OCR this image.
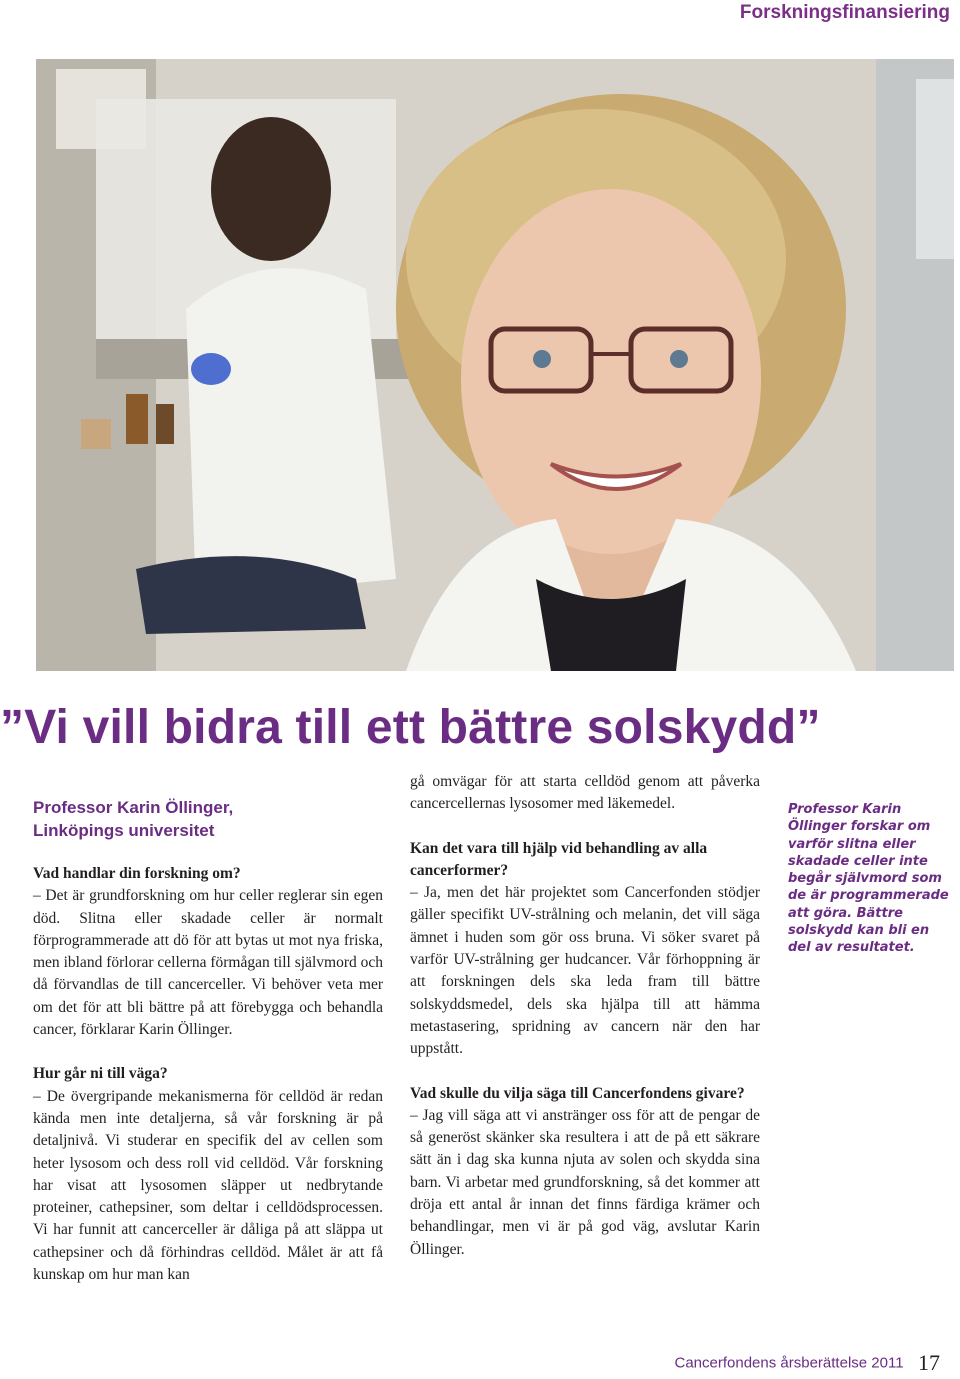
Forskningsfinansiering
”Vi vill bidra till ett bättre solskydd”
Professor Karin Öllinger,
Linköpings universitet

Vad handlar din forskning om?

– Det är grundforskning om hur celler reglerar sin egen död. Slitna eller skadade celler är normalt förprogrammerade att dö för att bytas ut mot nya friska, men ibland förlorar cellerna förmågan till självmord och då förvandlas de till cancerceller. Vi behöver veta mer om det för att bli bättre på att förebygga och behandla cancer, förklarar Karin Öllinger.

Hur går ni till väga?

– De övergripande mekanismerna för celldöd är redan kända men inte detaljerna, så vår forskning är på detaljnivå. Vi studerar en specifik del av cellen som heter lysosom och dess roll vid celldöd. Vår forskning har visat att lysosomen släpper ut nedbrytande proteiner, cathepsiner, som deltar i celldödsprocessen. Vi har funnit att cancerceller är dåliga på att släppa ut cathepsiner och då förhindras celldöd. Målet är att få kunskap om hur man kan

gå omvägar för att starta celldöd genom att påverka cancercellernas lysosomer med läkemedel.

Kan det vara till hjälp vid behandling av alla cancerformer?

– Ja, men det här projektet som Cancerfonden stödjer gäller specifikt UV-strålning och melanin, det vill säga ämnet i huden som gör oss bruna. Vi söker svaret på varför UV-strålning ger hudcancer. Vår förhoppning är att forskningen dels ska leda fram till bättre solskyddsmedel, dels ska hjälpa till att hämma metastasering, spridning av cancern när den har uppstått.

Vad skulle du vilja säga till Cancerfondens givare?

– Jag vill säga att vi anstränger oss för att de pengar de så generöst skänker ska resultera i att de på ett säkrare sätt än i dag ska kunna njuta av solen och skydda sina barn. Vi arbetar med grundforskning, så det kommer att dröja ett antal år innan det finns färdiga krämer och behandlingar, men vi är på god väg, avslutar Karin Öllinger.

Professor Karin Öllinger forskar om varför slitna eller skadade celler inte begår självmord som de är programmerade att göra. Bättre solskydd kan bli en del av resultatet.
Cancerfondens årsberättelse 2011 17
